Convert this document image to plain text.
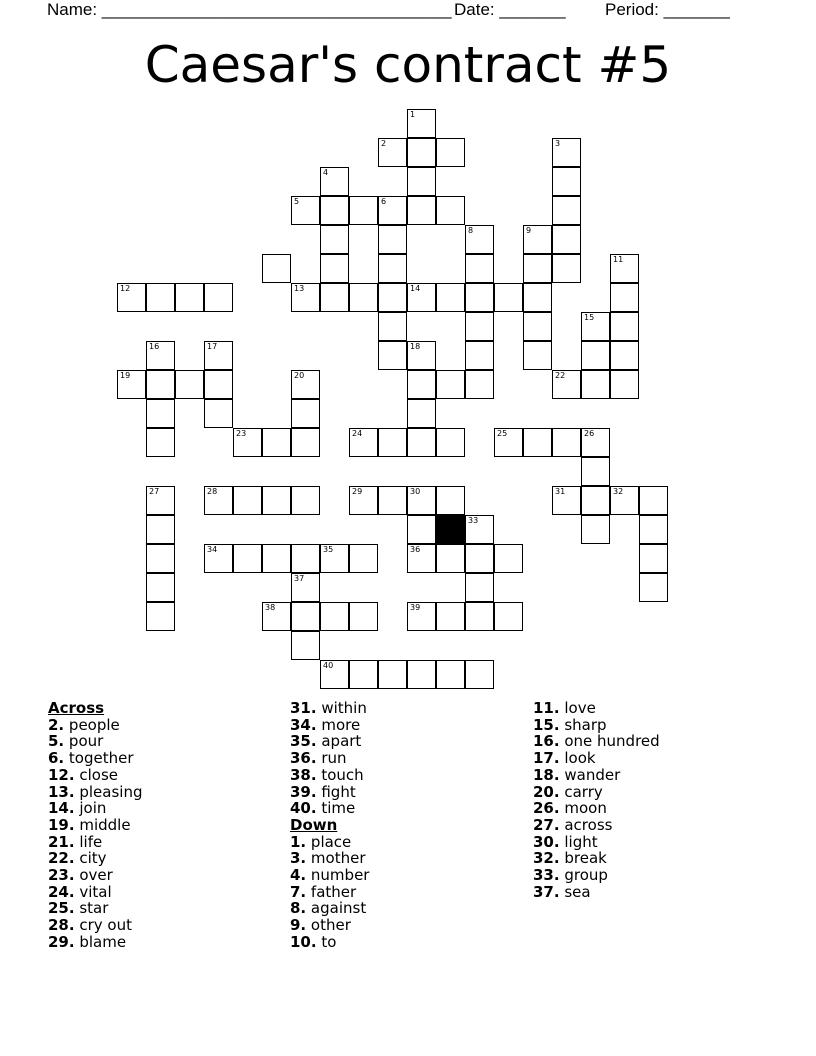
Name: _____________________________________ Date: _______ Period: _______
Caesar's contract #5
1
2	3
4
5	6
8	9
11
12	13	14
15
16	17	18
19	20	22
23	24	25	26
27	28	29	30	31	32
33
34	35	36
37
38	39
40
Across
2. people
5. pour
6. together
12. close
13. pleasing
14. join
19. middle
21. life
22. city
23. over
24. vital
25. star
28. cry out
29. blame
31. within
34. more
35. apart
36. run
38. touch
39. fight
40. time
Down
1. place
3. mother
4. number
7. father
8. against
9. other
10. to
11. love
15. sharp
16. one hundred
17. look
18. wander
20. carry
26. moon
27. across
30. light
32. break
33. group
37. sea
